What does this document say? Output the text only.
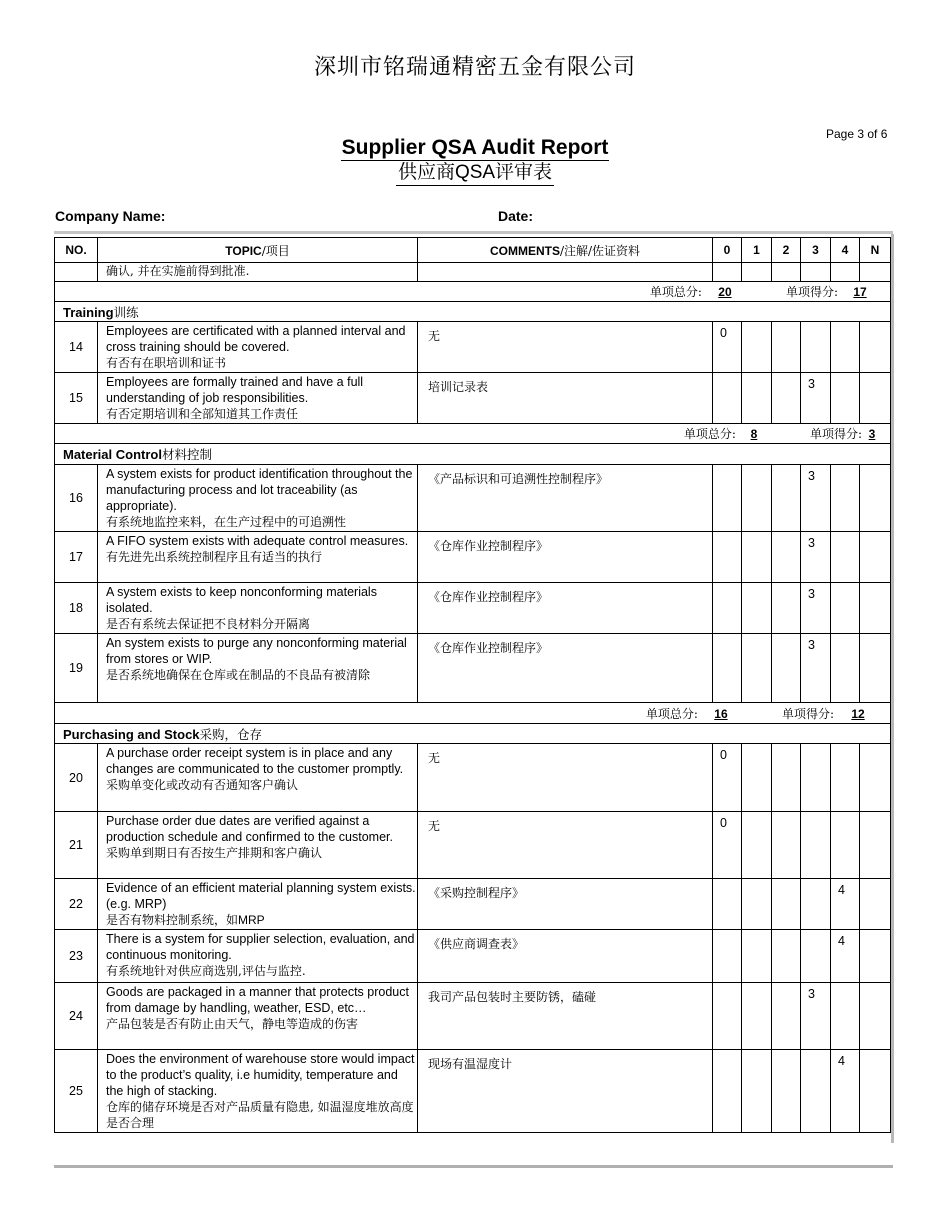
深圳市铭瑞通精密五金有限公司
Page 3 of 6
Supplier QSA Audit Report
供应商QSA评审表
Company Name:	Date:
NO.	TOPIC/项目	COMMENTS/注解/佐证资料	0	1	2	3	4	N

	确认, 并在实施前得到批准.							

单项总分: 20 单项得分: 17								
Training训练								
14	Employees are certificated with a planned interval and cross training should be covered.
有否有在职培训和证书	无	0					
15	Employees are formally trained and have a full understanding of job responsibilities.
有否定期培训和全部知道其工作责任	培训记录表				3		
单项总分: 8 单项得分: 3								
Material Control材料控制								
16	A system exists for product identification throughout the manufacturing process and lot traceability (as appropriate).
有系统地监控来料，在生产过程中的可追溯性	《产品标识和可追溯性控制程序》				3		
17	A FIFO system exists with adequate control measures.
有先进先出系统控制程序且有适当的执行	《仓库作业控制程序》				3		
18	A system exists to keep nonconforming materials isolated.
是否有系统去保证把不良材料分开隔离	《仓库作业控制程序》				3		
19	An system exists to purge any nonconforming material from stores or WIP.
是否系统地确保在仓库或在制品的不良品有被清除	《仓库作业控制程序》				3		
单项总分: 16 单项得分: 12								
Purchasing and Stock采购，仓存								
20	A purchase order receipt system is in place and any changes are communicated to the customer promptly.
采购单变化或改动有否通知客户确认	无	0					
21	Purchase order due dates are verified against a production schedule and confirmed to the customer.
采购单到期日有否按生产排期和客户确认	无	0					
22	Evidence of an efficient material planning system exists. (e.g. MRP)
是否有物料控制系统，如MRP	《采购控制程序》					4	
23	There is a system for supplier selection, evaluation, and continuous monitoring.
有系统地针对供应商选别,评估与监控.	《供应商调查表》					4	
24	Goods are packaged in a manner that protects product from damage by handling, weather, ESD, etc…
产品包装是否有防止由天气，静电等造成的伤害	我司产品包装时主要防锈，磕碰				3		
25	Does the environment of warehouse store would impact to the product’s quality, i.e humidity, temperature and the high of stacking.
仓库的储存环境是否对产品质量有隐患, 如温湿度堆放高度是否合理	现场有温湿度计					4	
